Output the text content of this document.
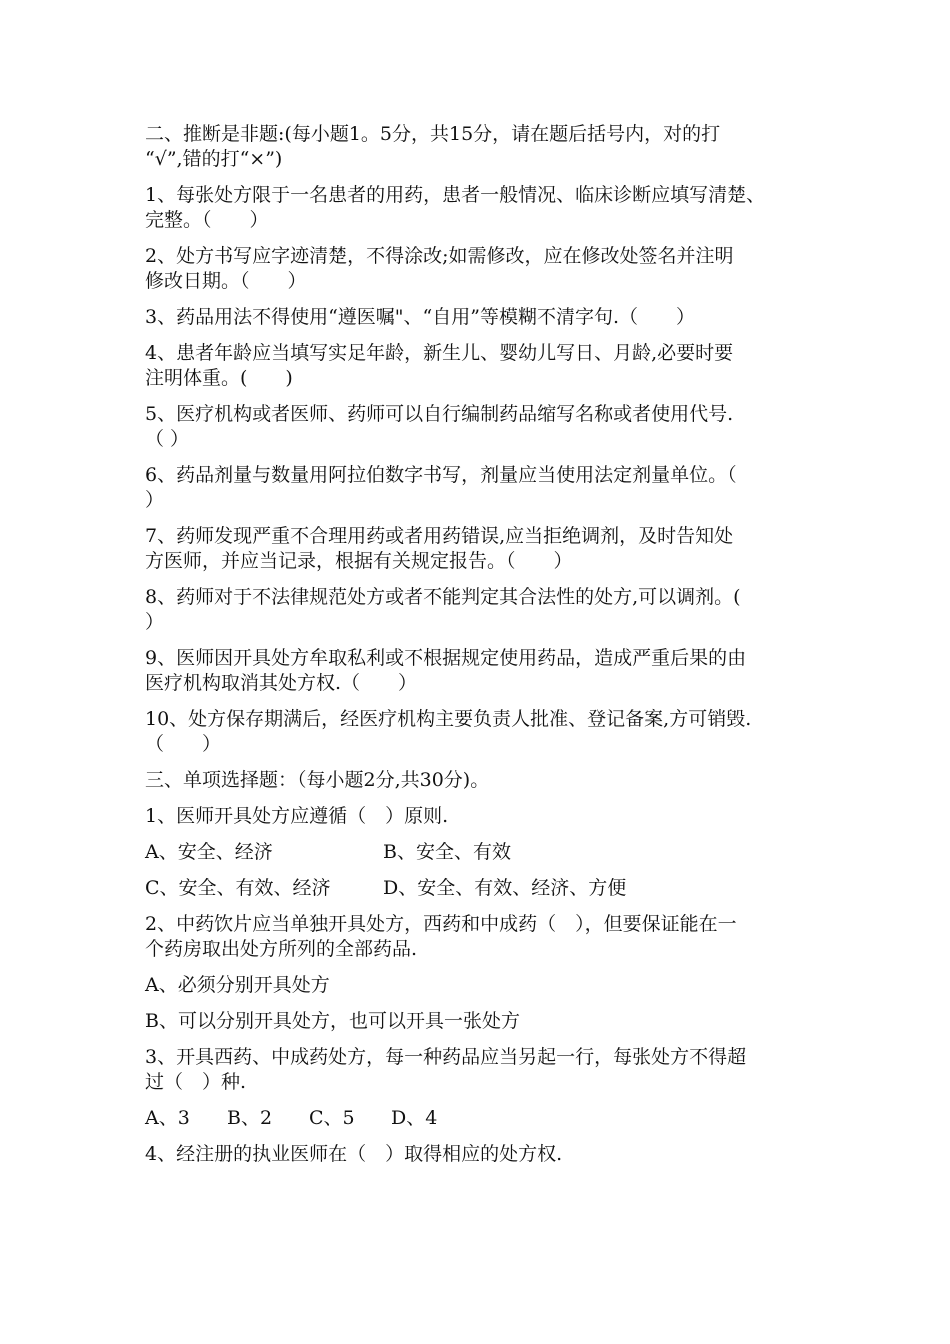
二、推断是非题:(每小题1。5分，共15分，请在题后括号内，对的打
“√”,错的打“×”)
1、每张处方限于一名患者的用药，患者一般情况、临床诊断应填写清楚、
完整。（　　）
2、处方书写应字迹清楚，不得涂改;如需修改，应在修改处签名并注明
修改日期。（　　）
3、药品用法不得使用“遵医嘱"、“自用”等模糊不清字句.（　　）
4、患者年龄应当填写实足年龄，新生儿、婴幼儿写日、月龄,必要时要
注明体重。(　　)
5、医疗机构或者医师、药师可以自行编制药品缩写名称或者使用代号.
（ ）
6、药品剂量与数量用阿拉伯数字书写，剂量应当使用法定剂量单位。（
）
7、药师发现严重不合理用药或者用药错误,应当拒绝调剂，及时告知处
方医师，并应当记录，根据有关规定报告。（　　）
8、药师对于不法律规范处方或者不能判定其合法性的处方,可以调剂。(
）
9、医师因开具处方牟取私利或不根据规定使用药品，造成严重后果的由
医疗机构取消其处方权.（　　）
10、处方保存期满后，经医疗机构主要负责人批准、登记备案,方可销毁.
（　　）
三、单项选择题：（每小题2分,共30分)。
1、医师开具处方应遵循（　）原则.
A、安全、经济	B、安全、有效
C、安全、有效、经济	D、安全、有效、经济、方便
2、中药饮片应当单独开具处方，西药和中成药（　），但要保证能在一
个药房取出处方所列的全部药品.
A、必须分别开具处方
B、可以分别开具处方，也可以开具一张处方
3、开具西药、中成药处方，每一种药品应当另起一行，每张处方不得超
过（　）种.
A、3	B、2	C、5	D、4
4、经注册的执业医师在（　）取得相应的处方权.
